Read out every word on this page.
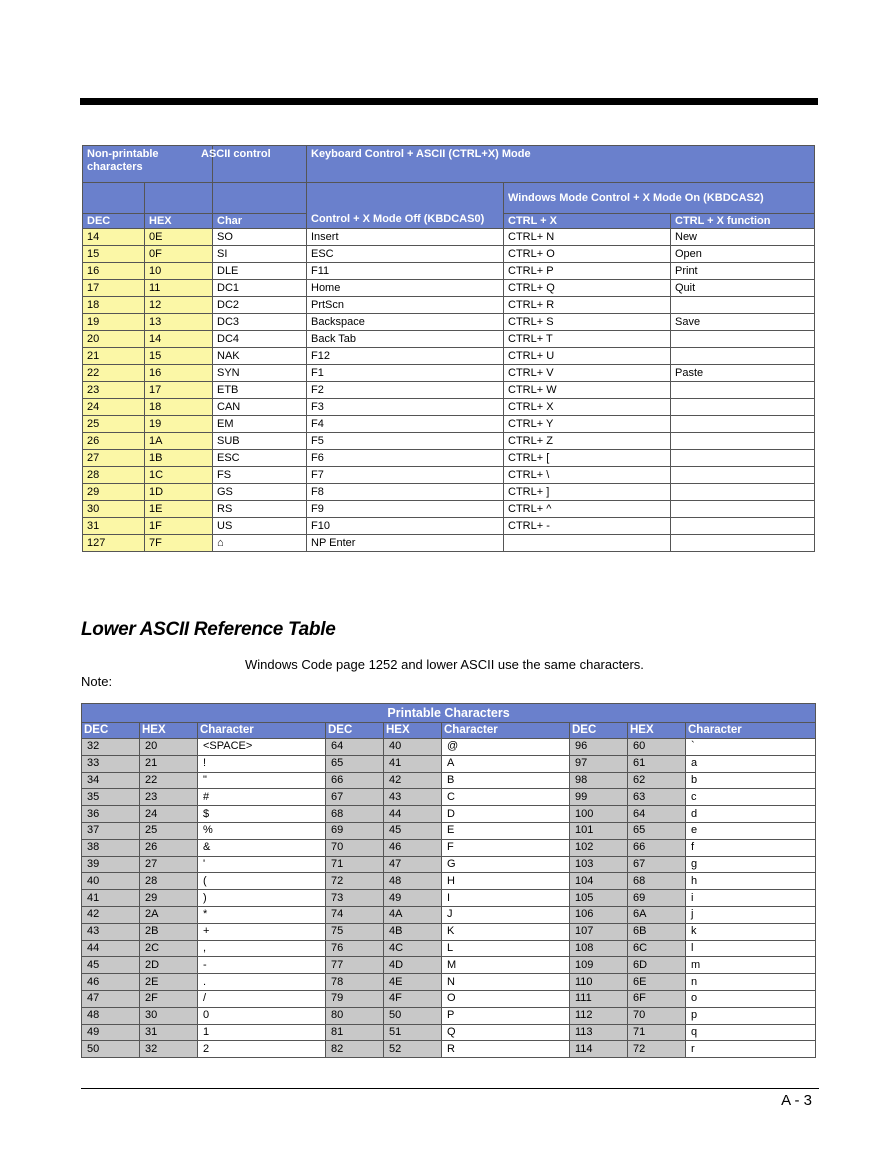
Non-printable
characters		ASCII control	Keyboard Control + ASCII (CTRL+X) Mode		
			Control + X Mode Off (KBDCAS0)	Windows Mode Control + X Mode On (KBDCAS2)	
DEC	HEX	Char		CTRL + X	CTRL + X function
14	0E	SO	Insert	CTRL+ N	New
15	0F	SI	ESC	CTRL+ O	Open
16	10	DLE	F11	CTRL+ P	Print
17	11	DC1	Home	CTRL+ Q	Quit
18	12	DC2	PrtScn	CTRL+ R	
19	13	DC3	Backspace	CTRL+ S	Save
20	14	DC4	Back Tab	CTRL+ T	
21	15	NAK	F12	CTRL+ U	
22	16	SYN	F1	CTRL+ V	Paste
23	17	ETB	F2	CTRL+ W	
24	18	CAN	F3	CTRL+ X	
25	19	EM	F4	CTRL+ Y	
26	1A	SUB	F5	CTRL+ Z	
27	1B	ESC	F6	CTRL+ [	
28	1C	FS	F7	CTRL+ \	
29	1D	GS	F8	CTRL+ ]	
30	1E	RS	F9	CTRL+ ^	
31	1F	US	F10	CTRL+ -	
127	7F	⌂	NP Enter		
Lower ASCII Reference Table

Windows Code page 1252 and lower ASCII use the same characters.

Note:

Printable Characters								
DEC	HEX	Character	DEC	HEX	Character	DEC	HEX	Character
32	20	<SPACE>	64	40	@	96	60	`
33	21	!	65	41	A	97	61	a
34	22	"	66	42	B	98	62	b
35	23	#	67	43	C	99	63	c
36	24	$	68	44	D	100	64	d
37	25	%	69	45	E	101	65	e
38	26	&	70	46	F	102	66	f
39	27	'	71	47	G	103	67	g
40	28	(	72	48	H	104	68	h
41	29	)	73	49	I	105	69	i
42	2A	*	74	4A	J	106	6A	j
43	2B	+	75	4B	K	107	6B	k
44	2C	,	76	4C	L	108	6C	l
45	2D	-	77	4D	M	109	6D	m
46	2E	.	78	4E	N	110	6E	n
47	2F	/	79	4F	O	111	6F	o
48	30	0	80	50	P	112	70	p
49	31	1	81	51	Q	113	71	q
50	32	2	82	52	R	114	72	r

A - 3
